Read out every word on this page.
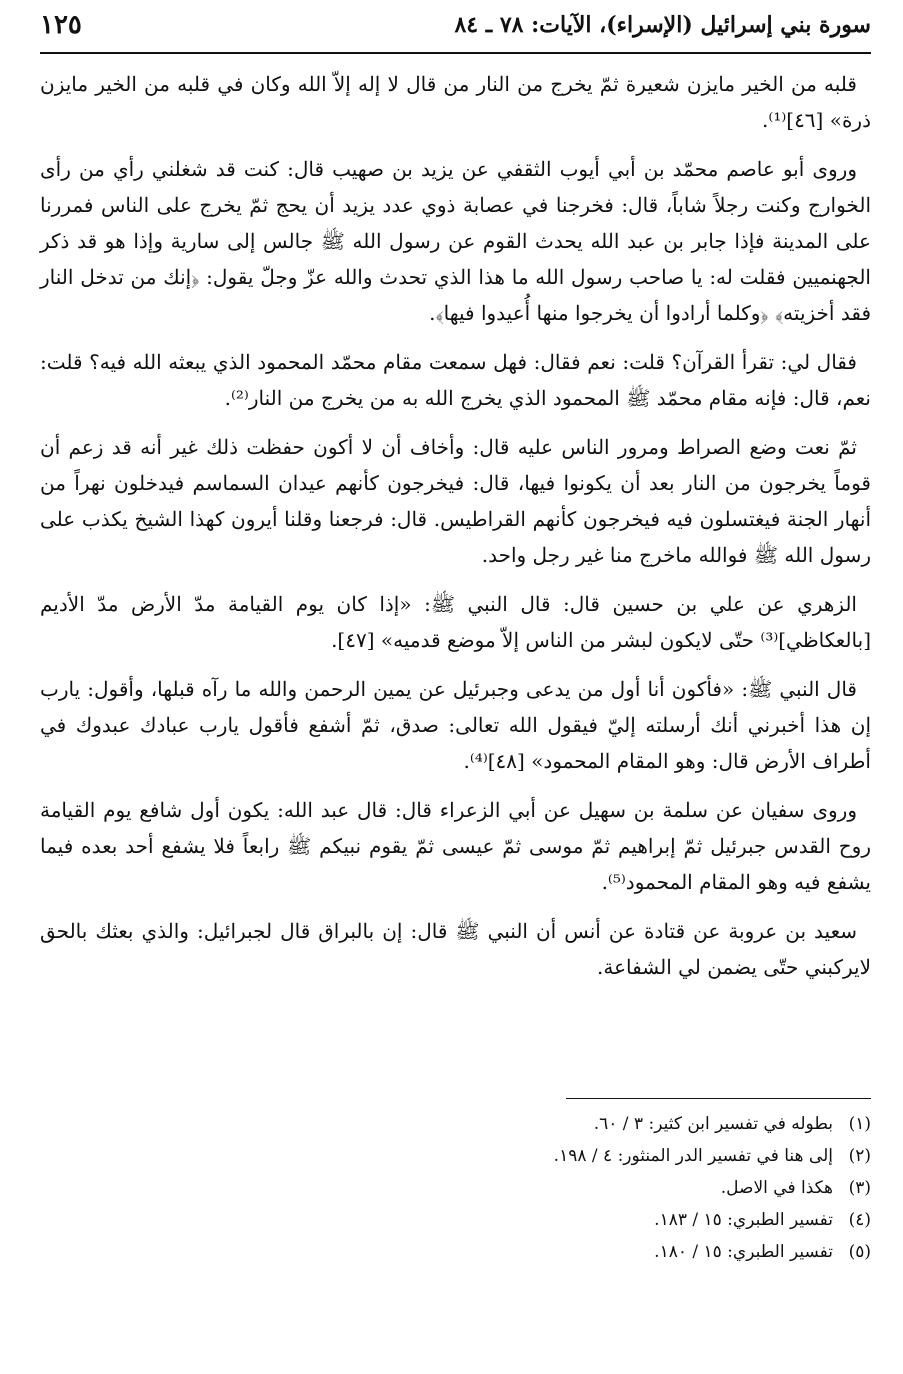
سورة بني إسرائيل (الإسراء)، الآيات: ٧٨ ـ ٨٤
١٢٥

قلبه من الخير مايزن شعيرة ثمّ يخرج من النار من قال لا إله إلاّ الله وكان في قلبه من الخير مايزن ذرة» [٤٦]⁽¹⁾.

وروى أبو عاصم محمّد بن أبي أيوب الثقفي عن يزيد بن صهيب قال: كنت قد شغلني رأي من رأى الخوارج وكنت رجلاً شاباً، قال: فخرجنا في عصابة ذوي عدد يزيد أن يحج ثمّ يخرج على الناس فمررنا على المدينة فإذا جابر بن عبد الله يحدث القوم عن رسول الله ﷺ جالس إلى سارية وإذا هو قد ذكر الجهنميين فقلت له: يا صاحب رسول الله ما هذا الذي تحدث والله عزّ وجلّ يقول: ﴿إنك من تدخل النار فقد أخزيته﴾ ﴿وكلما أرادوا أن يخرجوا منها أُعيدوا فيها﴾.

فقال لي: تقرأ القرآن؟ قلت: نعم فقال: فهل سمعت مقام محمّد المحمود الذي يبعثه الله فيه؟ قلت: نعم، قال: فإنه مقام محمّد ﷺ المحمود الذي يخرج الله به من يخرج من النار⁽²⁾.

ثمّ نعت وضع الصراط ومرور الناس عليه قال: وأخاف أن لا أكون حفظت ذلك غير أنه قد زعم أن قوماً يخرجون من النار بعد أن يكونوا فيها، قال: فيخرجون كأنهم عيدان السماسم فيدخلون نهراً من أنهار الجنة فيغتسلون فيه فيخرجون كأنهم القراطيس. قال: فرجعنا وقلنا أيرون كهذا الشيخ يكذب على رسول الله ﷺ فوالله ماخرج منا غير رجل واحد.

الزهري عن علي بن حسين قال: قال النبي ﷺ: «إذا كان يوم القيامة مدّ الأرض مدّ الأديم [بالعكاظي]⁽³⁾ حتّى لايكون لبشر من الناس إلاّ موضع قدميه» [٤٧].

قال النبي ﷺ: «فأكون أنا أول من يدعى وجبرئيل عن يمين الرحمن والله ما رآه قبلها، وأقول: يارب إن هذا أخبرني أنك أرسلته إليّ فيقول الله تعالى: صدق، ثمّ أشفع فأقول يارب عبادك عبدوك في أطراف الأرض قال: وهو المقام المحمود» [٤٨]⁽⁴⁾.

وروى سفيان عن سلمة بن سهيل عن أبي الزعراء قال: قال عبد الله: يكون أول شافع يوم القيامة روح القدس جبرئيل ثمّ إبراهيم ثمّ موسى ثمّ عيسى ثمّ يقوم نبيكم ﷺ رابعاً فلا يشفع أحد بعده فيما يشفع فيه وهو المقام المحمود⁽⁵⁾.

سعيد بن عروبة عن قتادة عن أنس أن النبي ﷺ قال: إن بالبراق قال لجبرائيل: والذي بعثك بالحق لايركبني حتّى يضمن لي الشفاعة.

(١)
بطوله في تفسير ابن كثير: ٣ / ٦٠.
(٢)
إلى هنا في تفسير الدر المنثور: ٤ / ١٩٨.
(٣)
هكذا في الاصل.
(٤)
تفسير الطبري: ١٥ / ١٨٣.
(٥)
تفسير الطبري: ١٥ / ١٨٠.
